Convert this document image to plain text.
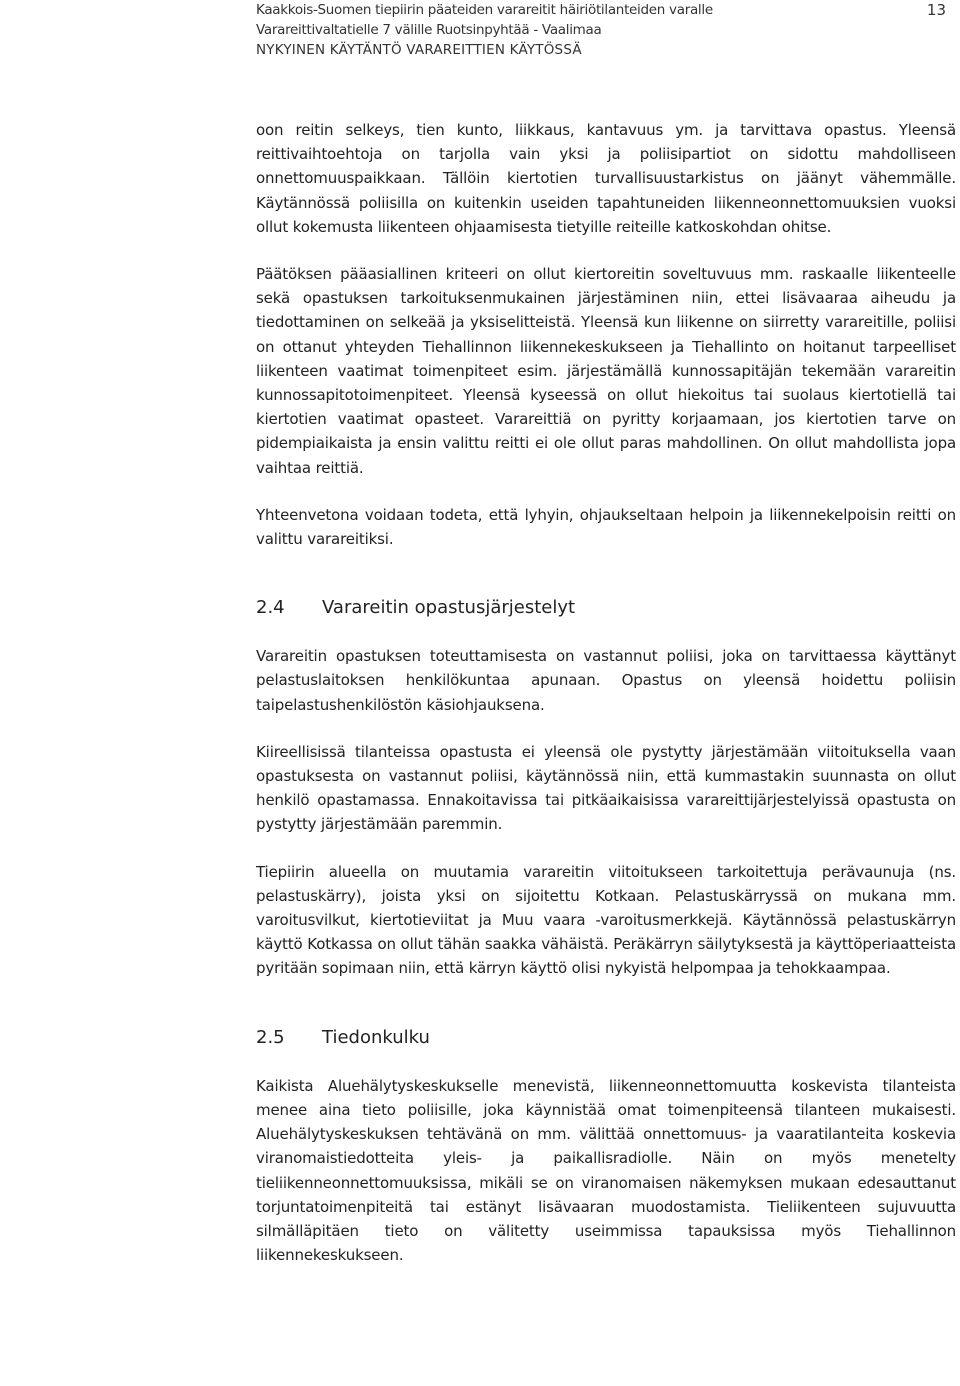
Kaakkois-Suomen tiepiirin päateiden varareitit häiriötilanteiden varalle
Varareittivaltatielle 7 välille Ruotsinpyhtää - Vaalimaa
NYKYINEN KÄYTÄNTÖ VARAREITTIEN KÄYTÖSSÄ
13

oon reitin selkeys, tien kunto, liikkaus, kantavuus ym. ja tarvittava opastus. Yleensä reittivaihtoehtoja on tarjolla vain yksi ja poliisipartiot on sidottu mahdolliseen onnettomuuspaikkaan. Tällöin kiertotien turvallisuustarkistus on jäänyt vähemmälle. Käytännössä poliisilla on kuitenkin useiden tapahtuneiden liikenneonnettomuuksien vuoksi ollut kokemusta liikenteen ohjaamisesta tietyille reiteille katkoskohdan ohitse.

Päätöksen pääasiallinen kriteeri on ollut kiertoreitin soveltuvuus mm. raskaalle liikenteelle sekä opastuksen tarkoituksenmukainen järjestäminen niin, ettei lisävaaraa aiheudu ja tiedottaminen on selkeää ja yksiselitteistä. Yleensä kun liikenne on siirretty varareitille, poliisi on ottanut yhteyden Tiehallinnon liikennekeskukseen ja Tiehallinto on hoitanut tarpeelliset liikenteen vaatimat toimenpiteet esim. järjestämällä kunnossapitäjän tekemään varareitin kunnossapitotoimenpiteet. Yleensä kyseessä on ollut hiekoitus tai suolaus kiertotiellä tai kiertotien vaatimat opasteet. Varareittiä on pyritty korjaamaan, jos kiertotien tarve on pidempiaikaista ja ensin valittu reitti ei ole ollut paras mahdollinen. On ollut mahdollista jopa vaihtaa reittiä.

Yhteenvetona voidaan todeta, että lyhyin, ohjaukseltaan helpoin ja liikennekelpoisin reitti on valittu varareitiksi.

2.4	Varareitin opastusjärjestelyt

Varareitin opastuksen toteuttamisesta on vastannut poliisi, joka on tarvittaessa käyttänyt pelastuslaitoksen henkilökuntaa apunaan. Opastus on yleensä hoidettu poliisin taipelastushenkilöstön käsiohjauksena.

Kiireellisissä tilanteissa opastusta ei yleensä ole pystytty järjestämään viitoituksella vaan opastuksesta on vastannut poliisi, käytännössä niin, että kummastakin suunnasta on ollut henkilö opastamassa. Ennakoitavissa tai pitkäaikaisissa varareittijärjestelyissä opastusta on pystytty järjestämään paremmin.

Tiepiirin alueella on muutamia varareitin viitoitukseen tarkoitettuja perävaunuja (ns. pelastuskärry), joista yksi on sijoitettu Kotkaan. Pelastuskärryssä on mukana mm. varoitusvilkut, kiertotieviitat ja Muu vaara -varoitusmerkkejä. Käytännössä pelastuskärryn käyttö Kotkassa on ollut tähän saakka vähäistä. Peräkärryn säilytyksestä ja käyttöperiaatteista pyritään sopimaan niin, että kärryn käyttö olisi nykyistä helpompaa ja tehokkaampaa.

2.5	Tiedonkulku

Kaikista Aluehälytyskeskukselle menevistä, liikenneonnettomuutta koskevista tilanteista menee aina tieto poliisille, joka käynnistää omat toimenpiteensä tilanteen mukaisesti. Aluehälytyskeskuksen tehtävänä on mm. välittää onnettomuus- ja vaaratilanteita koskevia viranomaistiedotteita yleis- ja paikallisradiolle. Näin on myös menetelty tieliikenneonnettomuuksissa, mikäli se on viranomaisen näkemyksen mukaan edesauttanut torjuntatoimenpiteitä tai estänyt lisävaaran muodostamista. Tieliikenteen sujuvuutta silmälläpitäen tieto on välitetty useimmissa tapauksissa myös Tiehallinnon liikennekeskukseen.
